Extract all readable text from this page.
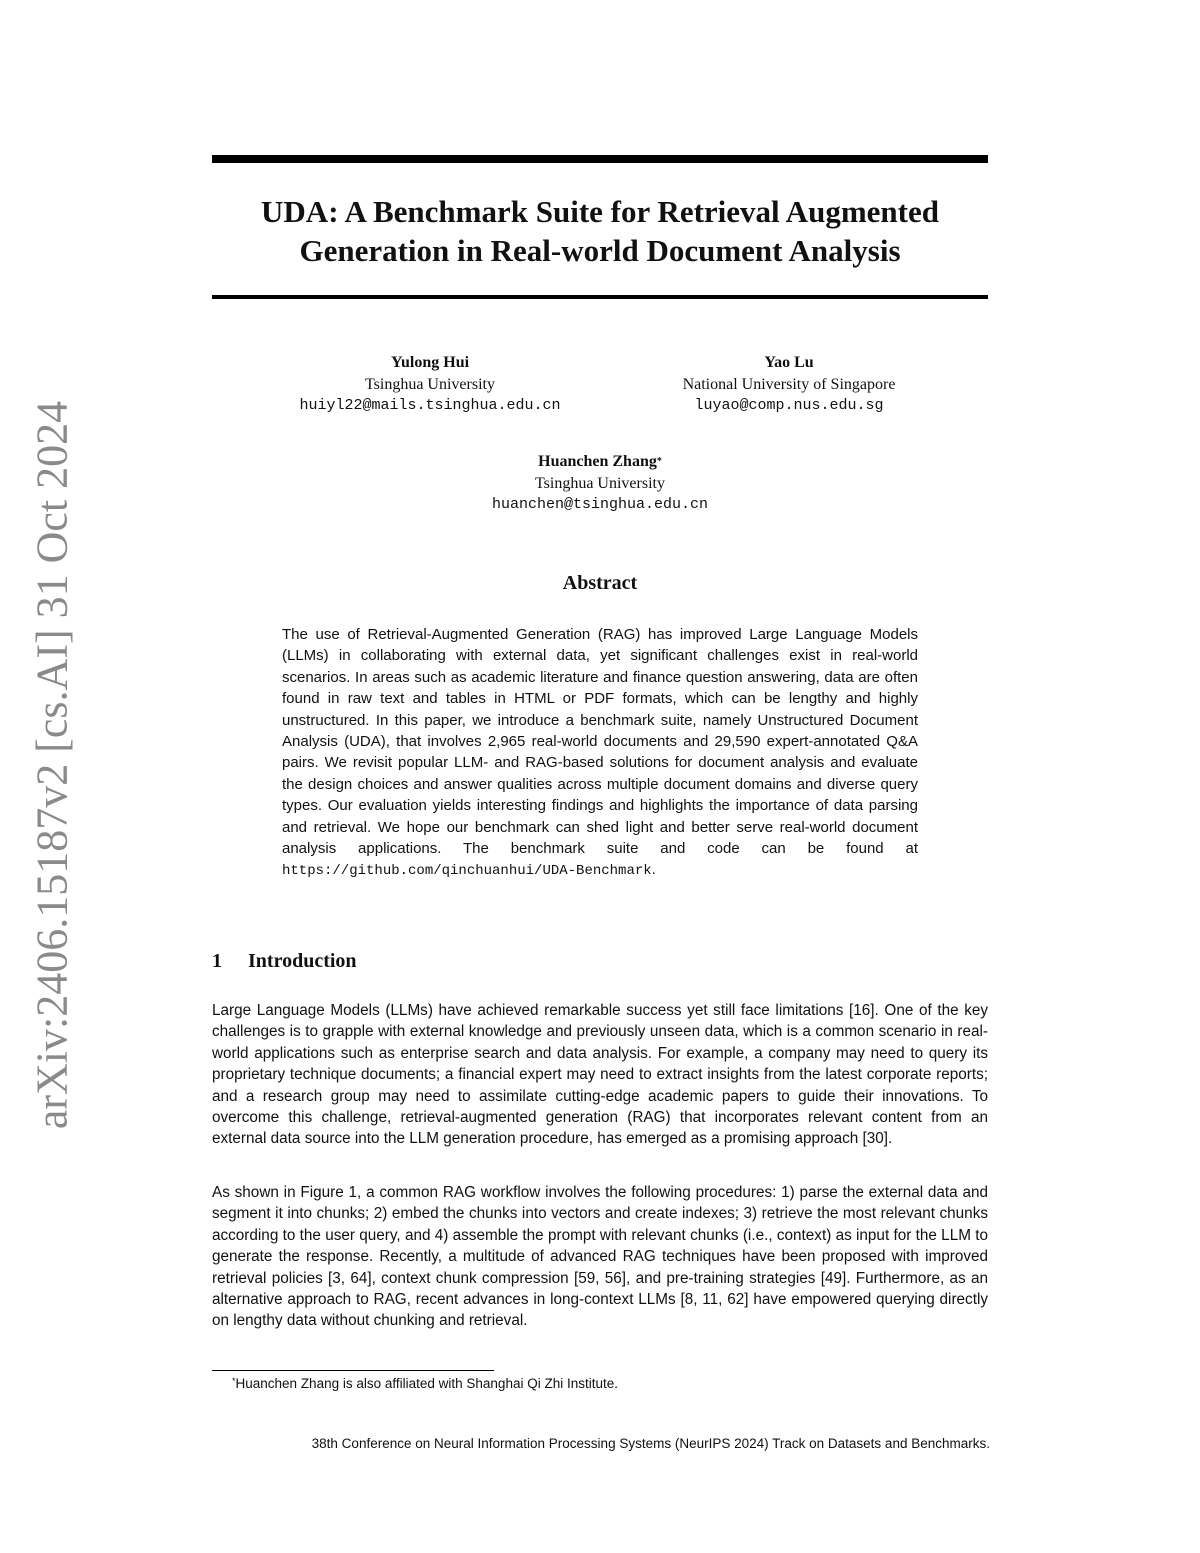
arXiv:2406.15187v2 [cs.AI] 31 Oct 2024
UDA: A Benchmark Suite for Retrieval Augmented
Generation in Real-world Document Analysis
Yulong Hui
Tsinghua University
huiyl22@mails.tsinghua.edu.cn
Yao Lu
National University of Singapore
luyao@comp.nus.edu.sg
Huanchen Zhang*
Tsinghua University
huanchen@tsinghua.edu.cn
Abstract
The use of Retrieval-Augmented Generation (RAG) has improved Large Language Models (LLMs) in collaborating with external data, yet significant challenges exist in real-world scenarios. In areas such as academic literature and finance question answering, data are often found in raw text and tables in HTML or PDF formats, which can be lengthy and highly unstructured. In this paper, we introduce a benchmark suite, namely Unstructured Document Analysis (UDA), that involves 2,965 real-world documents and 29,590 expert-annotated Q&A pairs. We revisit popular LLM- and RAG-based solutions for document analysis and evaluate the design choices and answer qualities across multiple document domains and diverse query types. Our evaluation yields interesting findings and highlights the importance of data parsing and retrieval. We hope our benchmark can shed light and better serve real-world document analysis applications. The benchmark suite and code can be found at https://github.com/qinchuanhui/UDA-Benchmark.
1 Introduction
Large Language Models (LLMs) have achieved remarkable success yet still face limitations [16]. One of the key challenges is to grapple with external knowledge and previously unseen data, which is a common scenario in real-world applications such as enterprise search and data analysis. For example, a company may need to query its proprietary technique documents; a financial expert may need to extract insights from the latest corporate reports; and a research group may need to assimilate cutting-edge academic papers to guide their innovations. To overcome this challenge, retrieval-augmented generation (RAG) that incorporates relevant content from an external data source into the LLM generation procedure, has emerged as a promising approach [30].
As shown in Figure 1, a common RAG workflow involves the following procedures: 1) parse the external data and segment it into chunks; 2) embed the chunks into vectors and create indexes; 3) retrieve the most relevant chunks according to the user query, and 4) assemble the prompt with relevant chunks (i.e., context) as input for the LLM to generate the response. Recently, a multitude of advanced RAG techniques have been proposed with improved retrieval policies [3, 64], context chunk compression [59, 56], and pre-training strategies [49]. Furthermore, as an alternative approach to RAG, recent advances in long-context LLMs [8, 11, 62] have empowered querying directly on lengthy data without chunking and retrieval.
*Huanchen Zhang is also affiliated with Shanghai Qi Zhi Institute.
38th Conference on Neural Information Processing Systems (NeurIPS 2024) Track on Datasets and Benchmarks.
